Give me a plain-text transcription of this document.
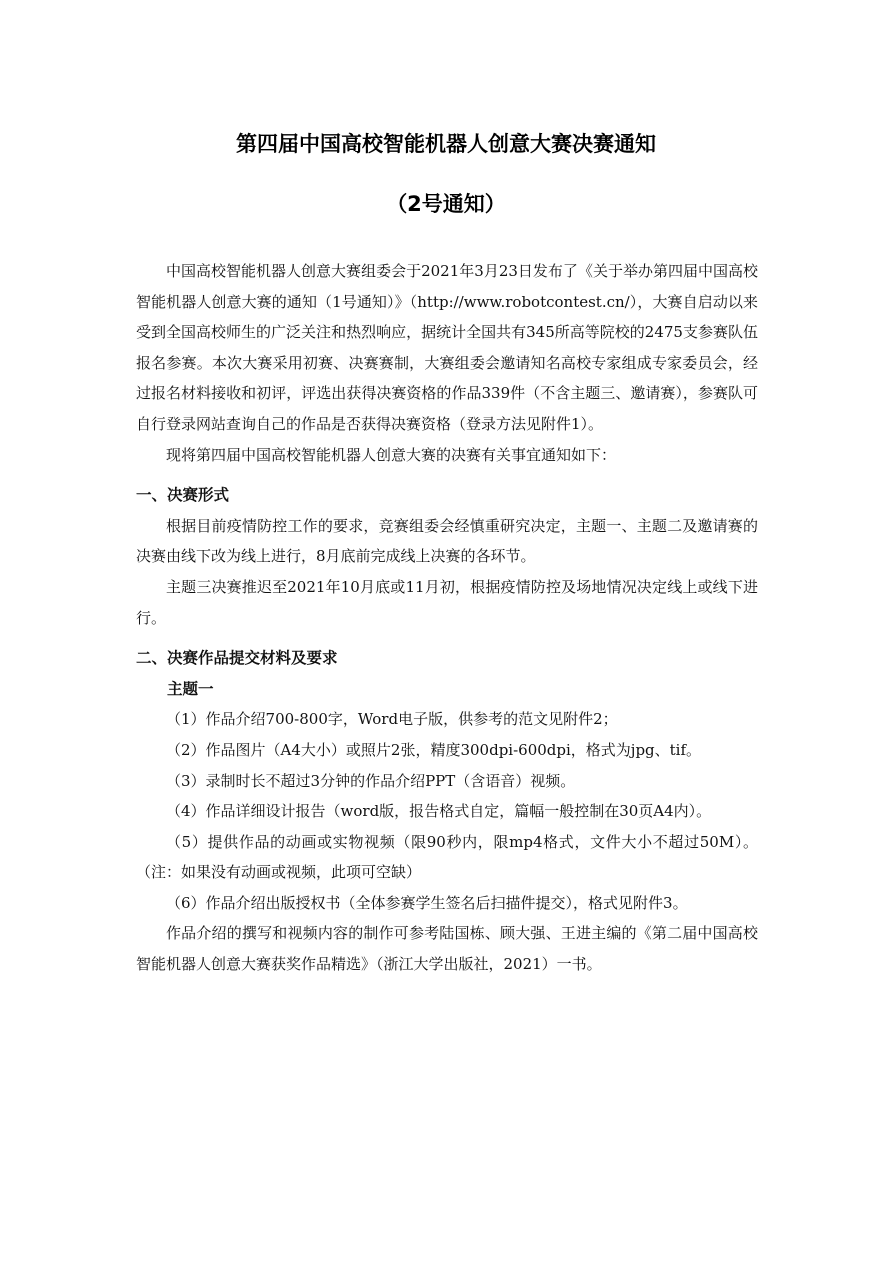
第四届中国高校智能机器人创意大赛决赛通知
（2号通知）

中国高校智能机器人创意大赛组委会于2021年3月23日发布了《关于举办第四届中国高校智能机器人创意大赛的通知（1号通知）》（http://www.robotcontest.cn/），大赛自启动以来受到全国高校师生的广泛关注和热烈响应，据统计全国共有345所高等院校的2475支参赛队伍报名参赛。本次大赛采用初赛、决赛赛制，大赛组委会邀请知名高校专家组成专家委员会，经过报名材料接收和初评，评选出获得决赛资格的作品339件（不含主题三、邀请赛），参赛队可自行登录网站查询自己的作品是否获得决赛资格（登录方法见附件1）。

现将第四届中国高校智能机器人创意大赛的决赛有关事宜通知如下：

一、决赛形式

根据目前疫情防控工作的要求，竞赛组委会经慎重研究决定，主题一、主题二及邀请赛的决赛由线下改为线上进行，8月底前完成线上决赛的各环节。

主题三决赛推迟至2021年10月底或11月初，根据疫情防控及场地情况决定线上或线下进行。

二、决赛作品提交材料及要求

主题一

（1）作品介绍700-800字，Word电子版，供参考的范文见附件2；

（2）作品图片（A4大小）或照片2张，精度300dpi-600dpi，格式为jpg、tif。

（3）录制时长不超过3分钟的作品介绍PPT（含语音）视频。

（4）作品详细设计报告（word版，报告格式自定，篇幅一般控制在30页A4内）。

（5）提供作品的动画或实物视频（限90秒内，限mp4格式，文件大小不超过50M）。（注：如果没有动画或视频，此项可空缺）

（6）作品介绍出版授权书（全体参赛学生签名后扫描件提交），格式见附件3。

作品介绍的撰写和视频内容的制作可参考陆国栋、顾大强、王进主编的《第二届中国高校智能机器人创意大赛获奖作品精选》（浙江大学出版社，2021）一书。
